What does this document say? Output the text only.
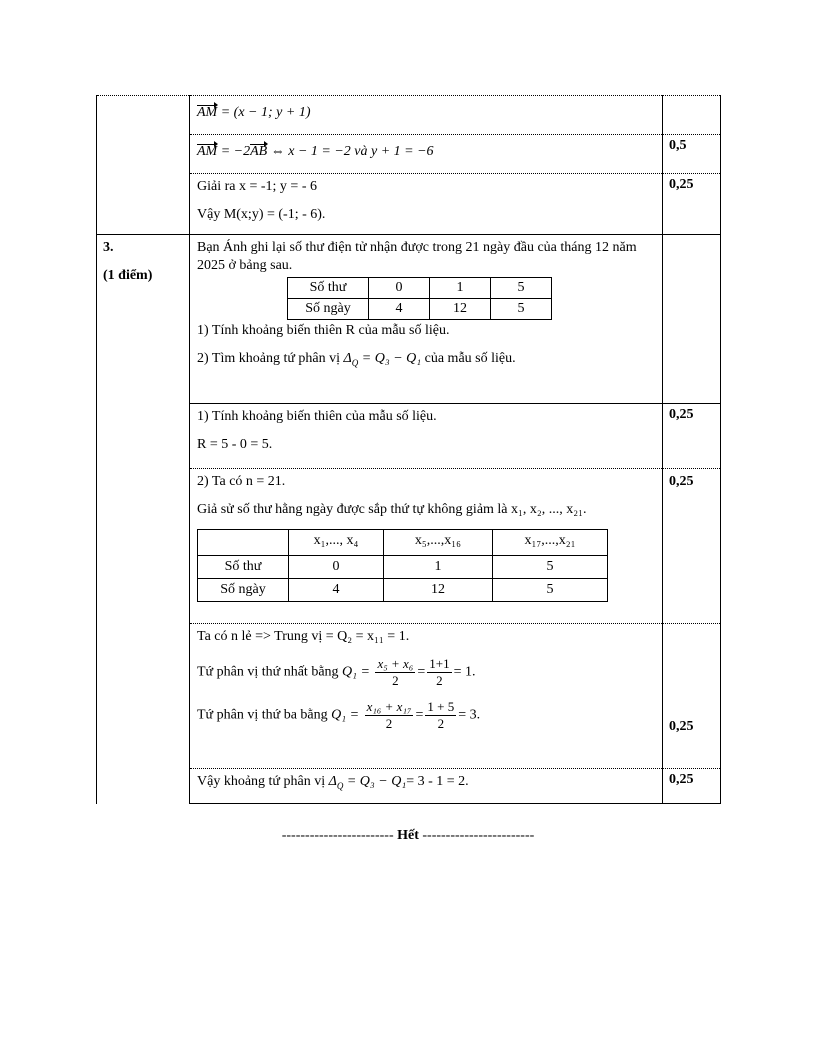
AM = (x − 1; y + 1)

AM = −2AB ⇔ x − 1 = −2 và y + 1 = −6	0,5

Giải ra x = -1; y = - 6

Vậy M(x;y) = (-1; - 6).

0,25

3.
(1 điểm)

Bạn Ánh ghi lại số thư điện tử nhận được trong 21 ngày đầu của tháng 12 năm 2025 ở bảng sau.
Số thư	0	1	5
Số ngày	4	12	5

1) Tính khoảng biến thiên R của mẫu số liệu.

2) Tìm khoảng tứ phân vị $\Delta_Q = Q_3 - Q_1$ của mẫu số liệu.

1) Tính khoảng biến thiên của mẫu số liệu.

R = 5 - 0 = 5.

0,25

2) Ta có n = 21.

Giả sử số thư hằng ngày được sắp thứ tự không giảm là x₁, x₂, ..., x₂₁.

	x₁,..., x₄	x₅,...,x₁₆	x₁₇,...,x₂₁
Số thư	0	1	5
Số ngày	4	12	5

0,25

Ta có n lẻ => Trung vị = Q₂ = x₁₁ = 1.

Tứ phân vị thứ nhất bằng $Q_1 = \frac{\text{x₅ + x₆}}{2} = \frac{1+1}{2} = 1$.

Tứ phân vị thứ ba bằng $Q_1 = \frac{\text{x₁₆ + x₁₇}}{2} = \frac{1 + 5}{2} = 3$.

0,25

Vậy khoảng tứ phân vị $\Delta_Q = Q_3 - Q_1= 3 - 1 = 2$.	0,25
------------------------ Hết ------------------------
